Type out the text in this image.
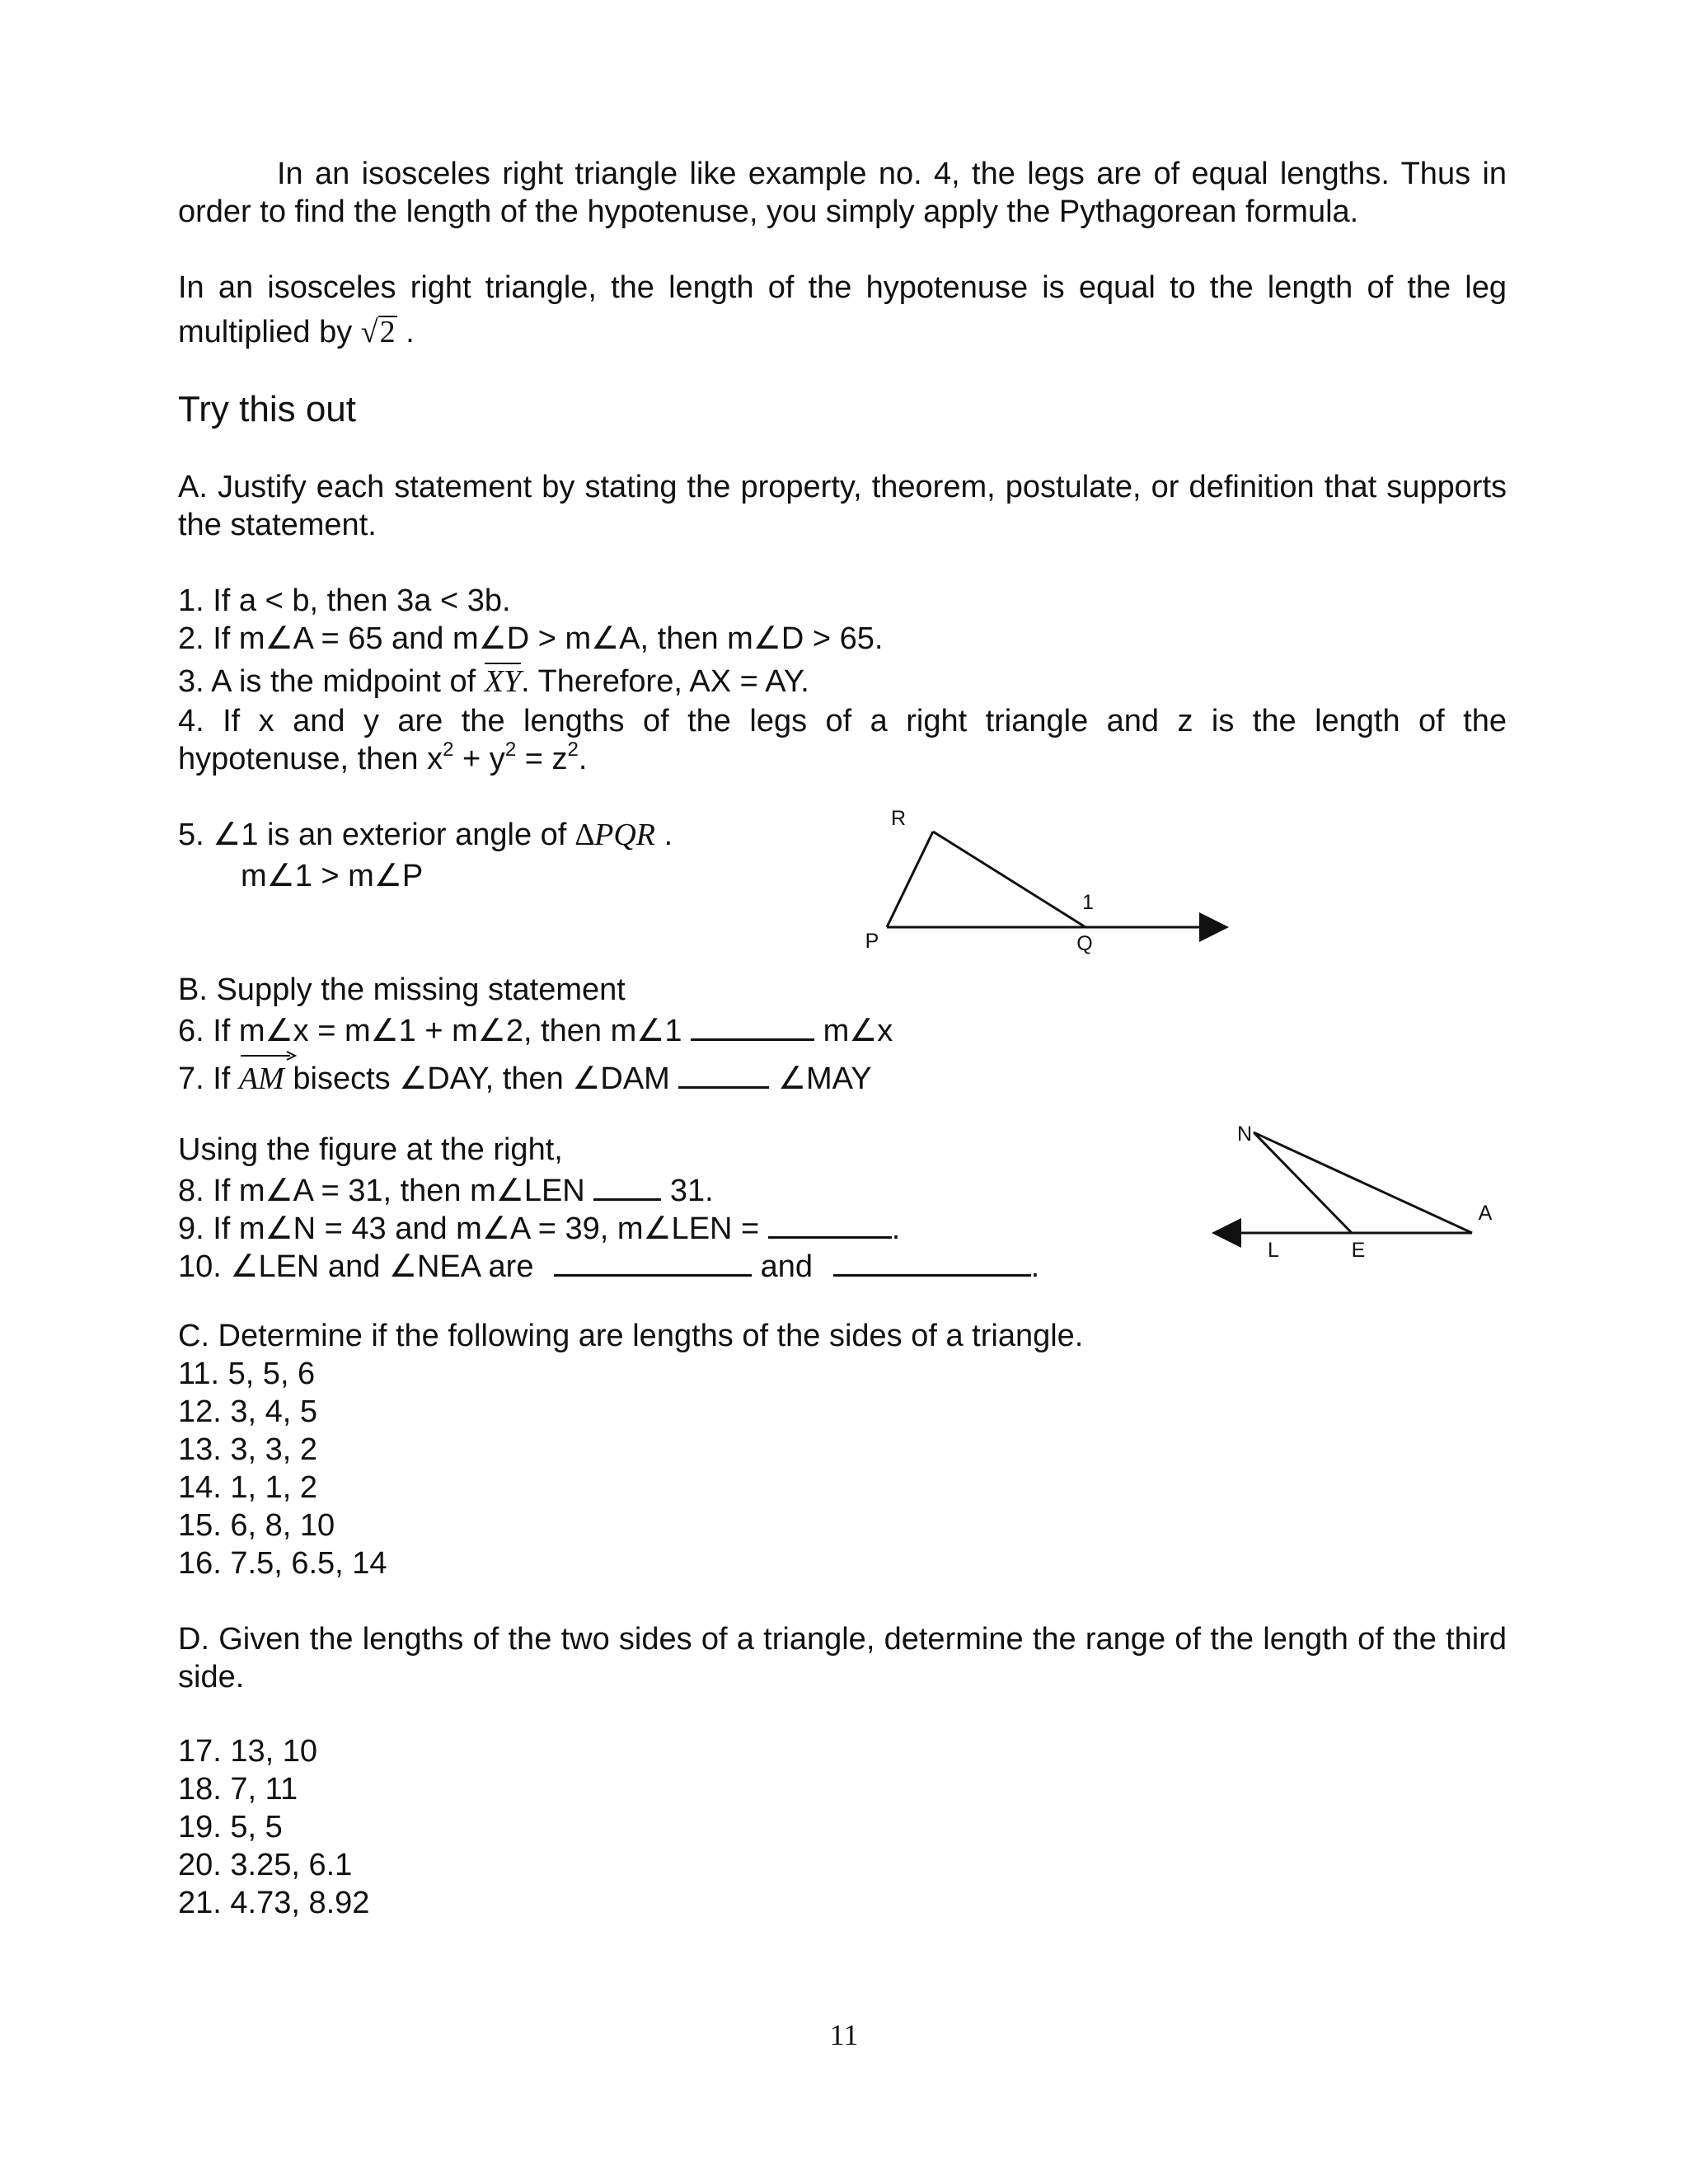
In an isosceles right triangle like example no. 4, the legs are of equal lengths. Thus in order to find the length of the hypotenuse, you simply apply the Pythagorean formula.

In an isosceles right triangle, the length of the hypotenuse is equal to the length of the leg
multiplied by √2 .
Try this out

A. Justify each statement by stating the property, theorem, postulate, or definition that supports the statement.

1. If a < b, then 3a < 3b.
2. If m∠A = 65 and m∠D > m∠A, then m∠D > 65.
3. A is the midpoint of XY. Therefore, AX = AY.
4. If x and y are the lengths of the legs of a right triangle and z is the length of the
hypotenuse, then $x^2 + y^2 = z^2$.
5. ∠1 is an exterior angle of ∆PQR .
m∠1 > m∠P
R
P	Q
1
B. Supply the missing statement
6. If m∠x = m∠1 + m∠2, then m∠1	m∠x
7. If AM bisects ∠DAY, then ∠DAM	∠MAY
Using the figure at the right,
8. If m∠A = 31, then m∠LEN	31.
9. If m∠N = 43 and m∠A = 39, m∠LEN =	.
10. ∠LEN and ∠NEA are	and	.
N
A
L	E
C. Determine if the following are lengths of the sides of a triangle.
11. 5, 5, 6
12. 3, 4, 5
13. 3, 3, 2
14. 1, 1, 2
15. 6, 8, 10
16. 7.5, 6.5, 14

D. Given the lengths of the two sides of a triangle, determine the range of the length of the third side.

17. 13, 10
18. 7, 11
19. 5, 5
20. 3.25, 6.1
21. 4.73, 8.92
11
